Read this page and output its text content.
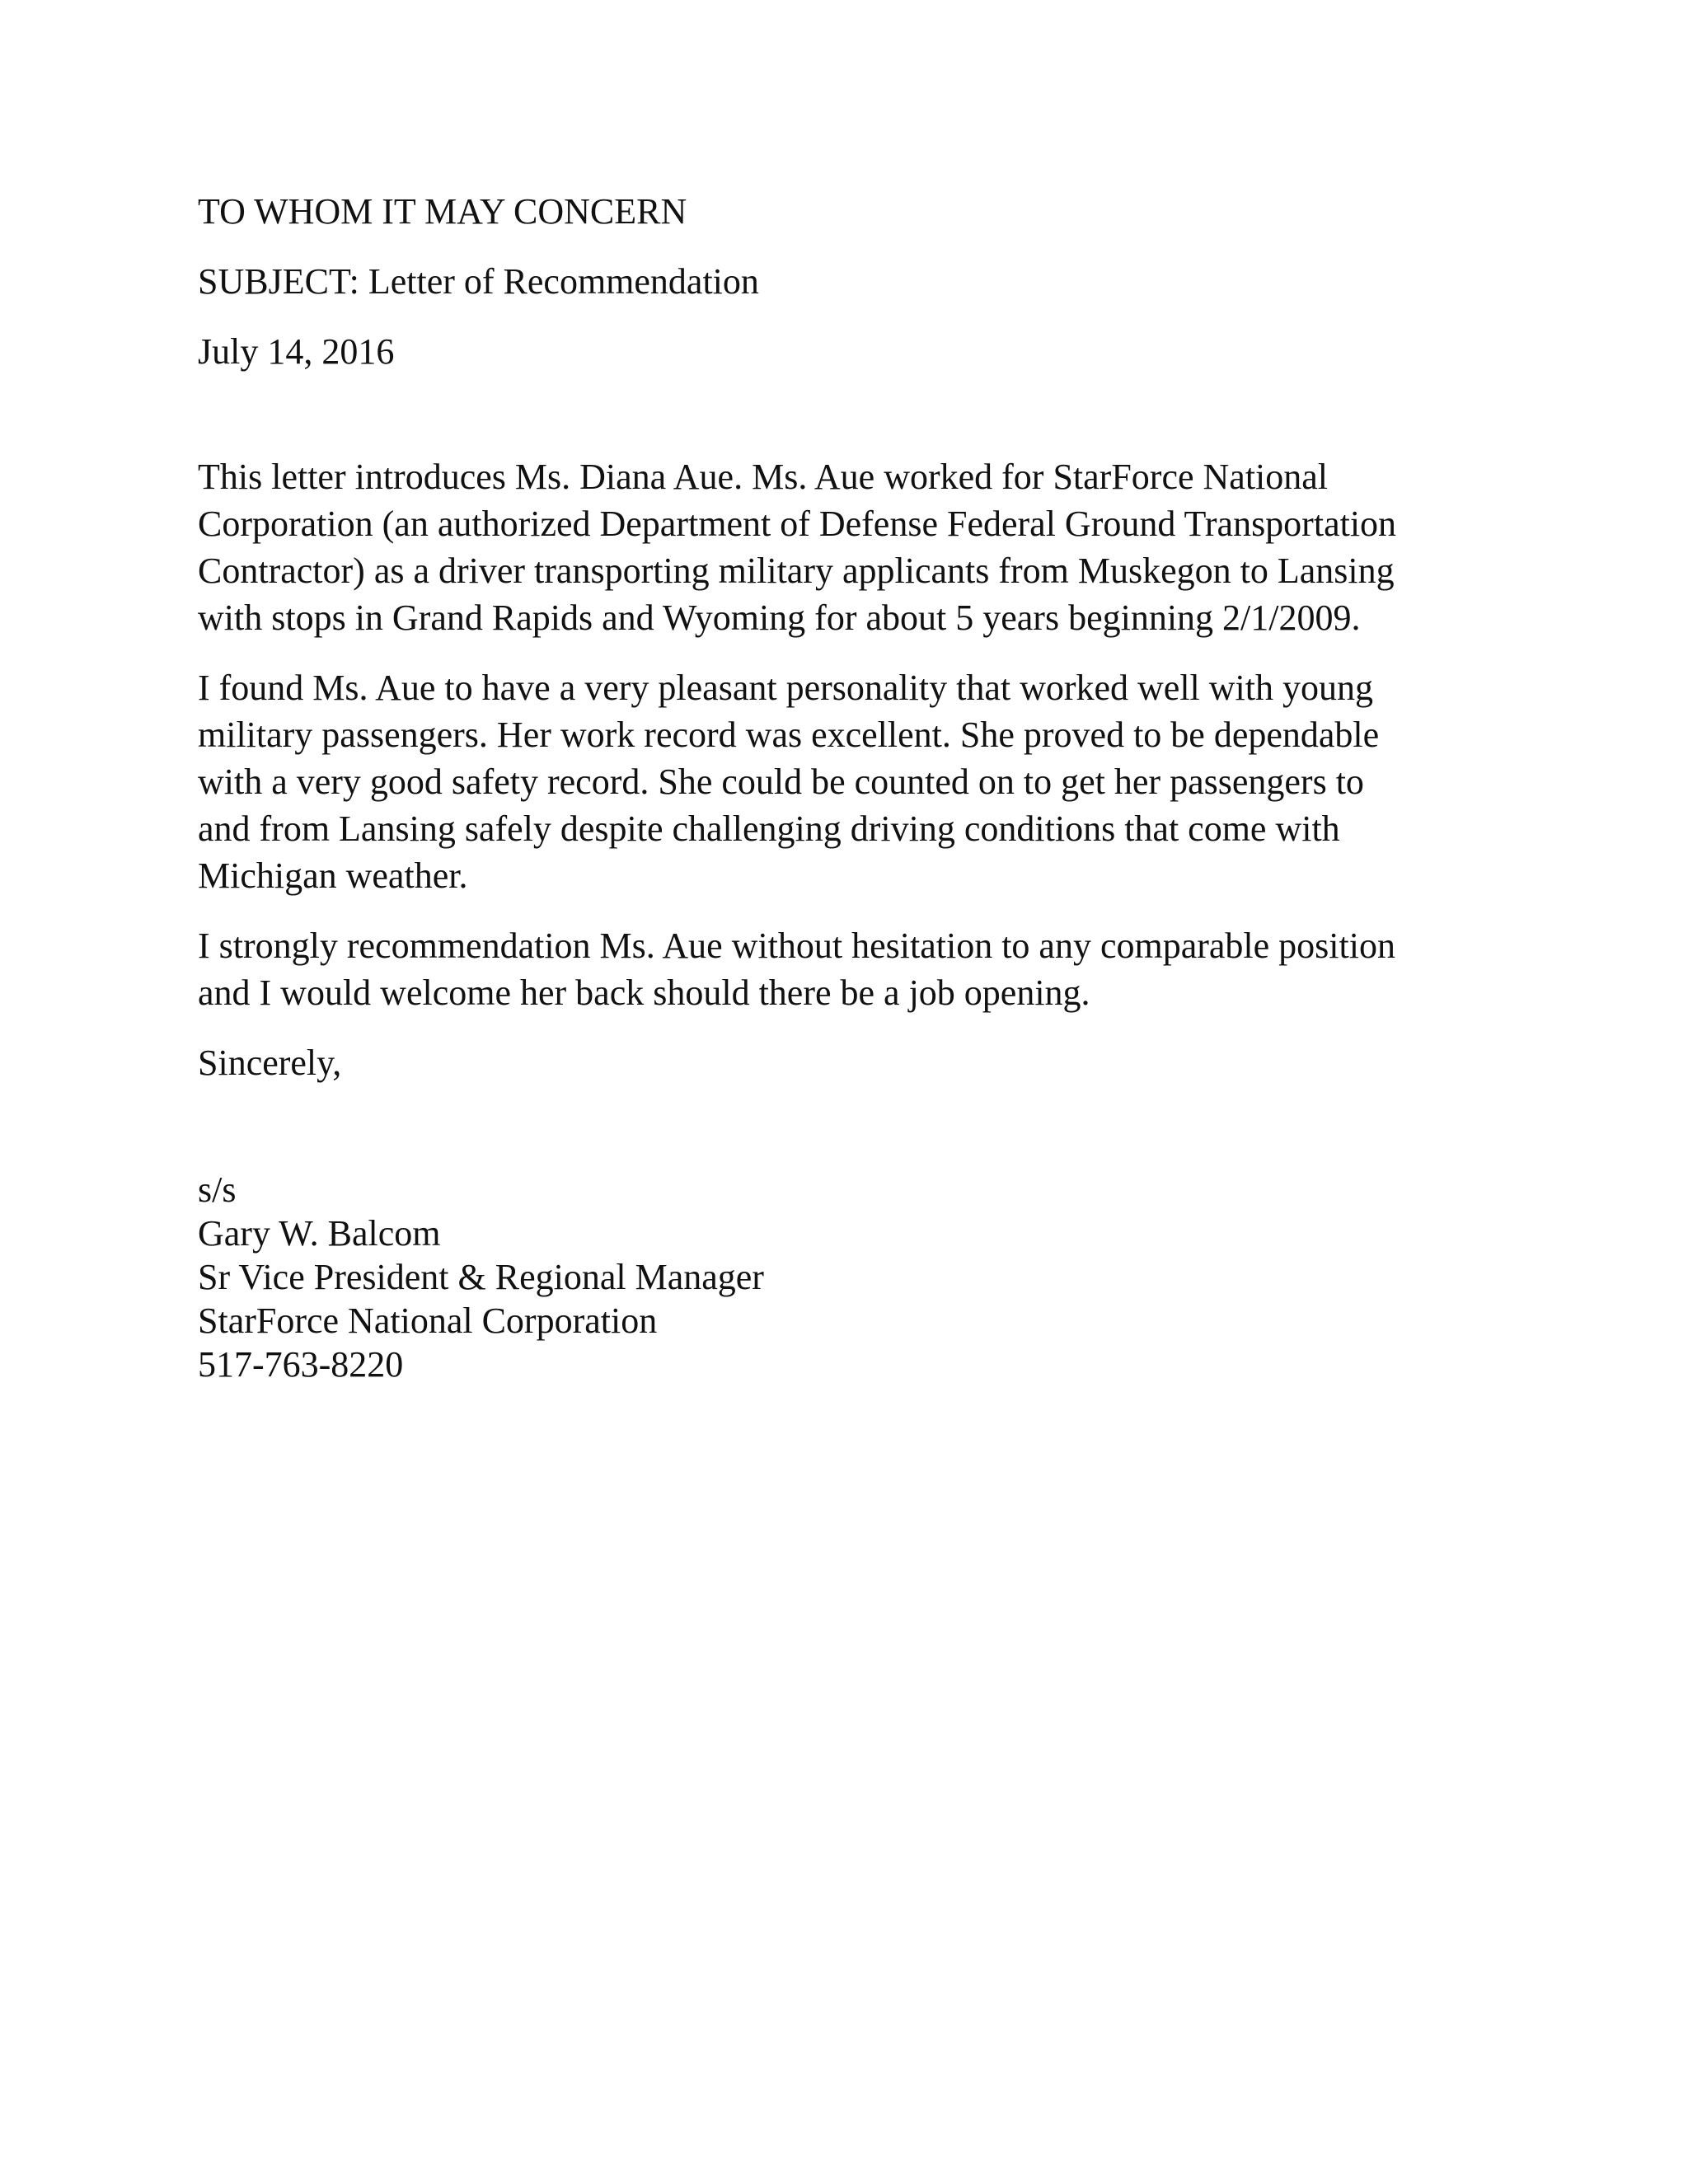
TO WHOM IT MAY CONCERN
SUBJECT: Letter of Recommendation
July 14, 2016
This letter introduces Ms. Diana Aue. Ms. Aue worked for StarForce National
Corporation (an authorized Department of Defense Federal Ground Transportation
Contractor) as a driver transporting military applicants from Muskegon to Lansing
with stops in Grand Rapids and Wyoming for about 5 years beginning 2/1/2009.
I found Ms. Aue to have a very pleasant personality that worked well with young
military passengers. Her work record was excellent. She proved to be dependable
with a very good safety record. She could be counted on to get her passengers to
and from Lansing safely despite challenging driving conditions that come with
Michigan weather.
I strongly recommendation Ms. Aue without hesitation to any comparable position
and I would welcome her back should there be a job opening.
Sincerely,
s/s
Gary W. Balcom
Sr Vice President & Regional Manager
StarForce National Corporation
517-763-8220
